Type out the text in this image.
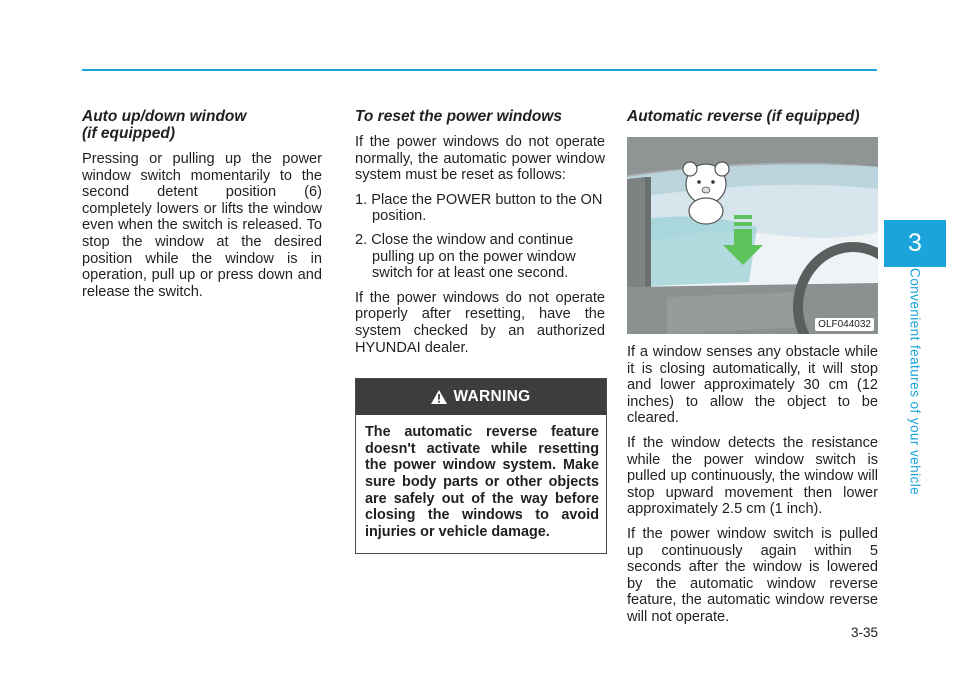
Auto up/down window
(if equipped)

Pressing or pulling up the power window switch momentarily to the second detent position (6) completely lowers or lifts the window even when the switch is released. To stop the window at the desired position while the window is in operation, pull up or press down and release the switch.

To reset the power windows

If the power windows do not operate normally, the automatic power window system must be reset as follows:

1. Place the POWER button to the ON position.
2. Close the window and continue pulling up on the power window switch for at least one second.

If the power windows do not operate properly after resetting, have the system checked by an authorized HYUNDAI dealer.

WARNING

The automatic reverse feature doesn't activate while resetting the power window system. Make sure body parts or other objects are safely out of the way before closing the windows to avoid injuries or vehicle damage.

Automatic reverse (if equipped)
OLF044032

If a window senses any obstacle while it is closing automatically, it will stop and lower approximately 30 cm (12 inches) to allow the object to be cleared.

If the window detects the resistance while the power window switch is pulled up continuously, the window will stop upward movement then lower approximately 2.5 cm (1 inch).

If the power window switch is pulled up continuously again within 5 seconds after the window is lowered by the automatic window reverse feature, the automatic window reverse will not operate.

3
Convenient features of your vehicle
3-35
